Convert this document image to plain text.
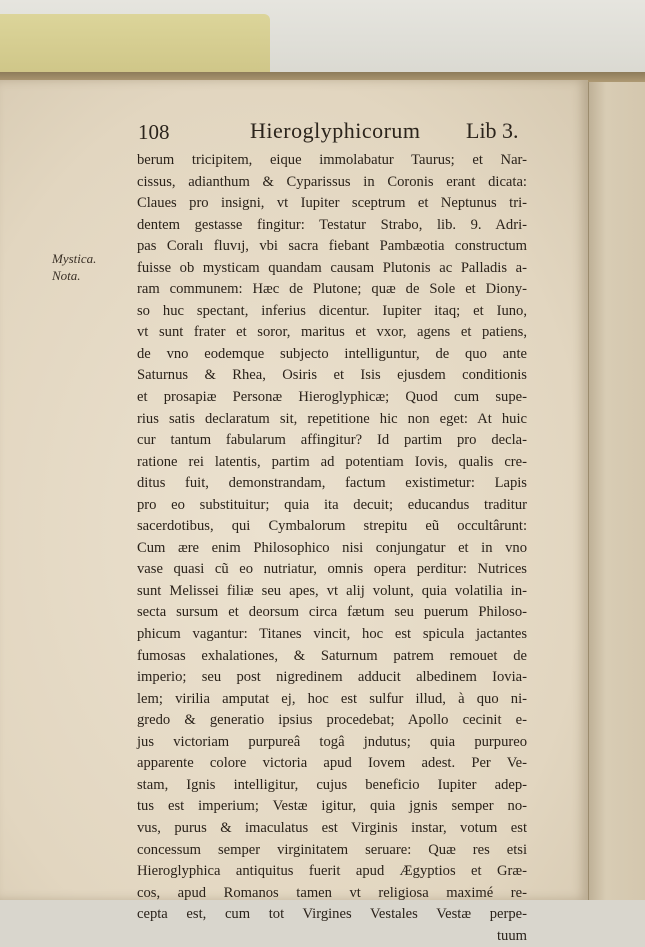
108	Hieroglyphicorum Lib 3.
Mystica.
Nota.
berum tricipitem, eique immolabatur Taurus; et Nar-
cissus, adianthum & Cyparissus in Coronis erant dicata:
Claues pro insigni, vt Iupiter sceptrum et Neptunus tri-
dentem gestasse fingitur: Testatur Strabo, lib. 9. Adri-
pas Coralı fluvıj, vbi sacra fiebant Pambæotia constructum
fuisse ob mysticam quandam causam Plutonis ac Palladis a-
ram communem: Hæc de Plutone; quæ de Sole et Diony-
so huc spectant, inferius dicentur. Iupiter itaq; et Iuno,
vt sunt frater et soror, maritus et vxor, agens et patiens,
de vno eodemque subjecto intelliguntur, de quo ante
Saturnus & Rhea, Osiris et Isis ejusdem conditionis
et prosapiæ Personæ Hieroglyphicæ; Quod cum supe-
rius satis declaratum sit, repetitione hic non eget: At huic
cur tantum fabularum affingitur? Id partim pro decla-
ratione rei latentis, partim ad potentiam Iovis, qualis cre-
ditus fuit, demonstrandam, factum existimetur: Lapis
pro eo substituitur; quia ita decuit; educandus traditur
sacerdotibus, qui Cymbalorum strepitu eũ occultârunt:
Cum ære enim Philosophico nisi conjungatur et in vno
vase quasi cũ eo nutriatur, omnis opera perditur: Nutrices
sunt Melissei filiæ seu apes, vt alij volunt, quia volatilia in-
secta sursum et deorsum circa fætum seu puerum Philoso-
phicum vagantur: Titanes vincit, hoc est spicula jactantes
fumosas exhalationes, & Saturnum patrem remouet de
imperio; seu post nigredinem adducit albedinem Iovia-
lem; virilia amputat ej, hoc est sulfur illud, à quo ni-
gredo & generatio ipsius procedebat; Apollo cecinit e-
jus victoriam purpureâ togâ jndutus; quia purpureo
apparente colore victoria apud Iovem adest. Per Ve-
stam, Ignis intelligitur, cujus beneficio Iupiter adep-
tus est imperium; Vestæ igitur, quia jgnis semper no-
vus, purus & imaculatus est Virginis instar, votum est
concessum semper virginitatem seruare: Quæ res etsi
Hieroglyphica antiquitus fuerit apud Ægyptios et Græ-
cos, apud Romanos tamen vt religiosa maximé re-
cepta est, cum tot Virgines Vestales Vestæ perpe-
tuum
